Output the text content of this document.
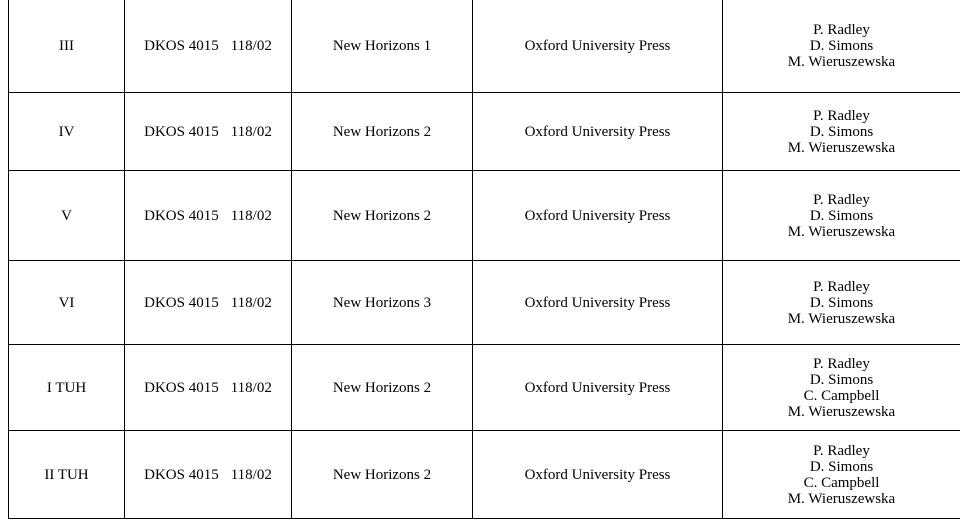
III	DKOS 4015 118/02	New Horizons 1	Oxford University Press	P. Radley
D. Simons
M. Wieruszewska

IV	DKOS 4015 118/02	New Horizons 2	Oxford University Press	P. Radley
D. Simons
M. Wieruszewska

V	DKOS 4015 118/02	New Horizons 2	Oxford University Press	P. Radley
D. Simons
M. Wieruszewska

VI	DKOS 4015 118/02	New Horizons 3	Oxford University Press	P. Radley
D. Simons
M. Wieruszewska

I TUH	DKOS 4015 118/02	New Horizons 2	Oxford University Press	P. Radley
D. Simons
C. Campbell
M. Wieruszewska

II TUH	DKOS 4015 118/02	New Horizons 2	Oxford University Press	P. Radley
D. Simons
C. Campbell
M. Wieruszewska
